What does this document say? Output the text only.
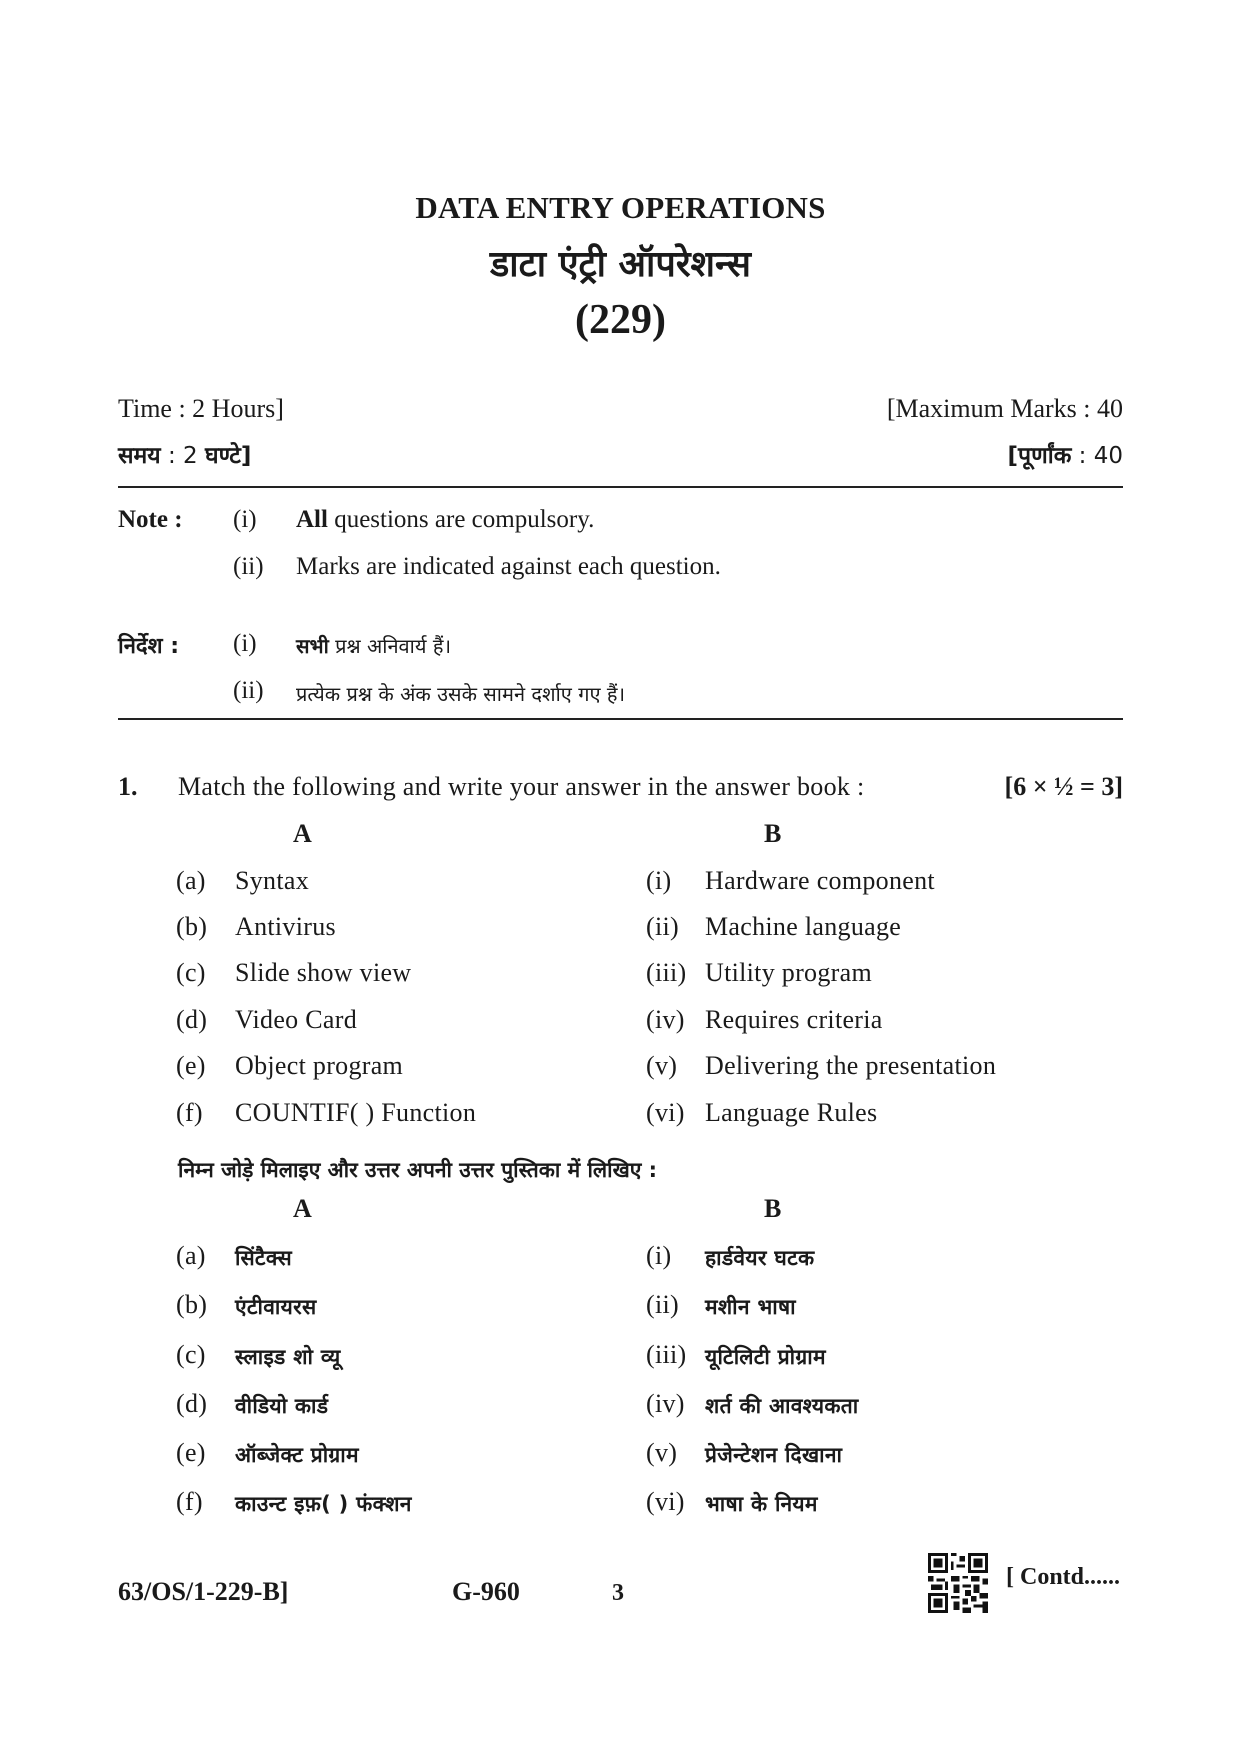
DATA ENTRY OPERATIONS
डाटा एंट्री ऑपरेशन्स
(229)
Time : 2 Hours]	[Maximum Marks : 40
समय : 2 घण्टे]	[पूर्णांक : 40
Note : (i) All questions are compulsory.
(ii) Marks are indicated against each question.
निर्देश : (i) सभी प्रश्न अनिवार्य हैं।
(ii) प्रत्येक प्रश्न के अंक उसके सामने दर्शाए गए हैं।
1. Match the following and write your answer in the answer book :	[6 × ½ = 3]
A	B
(a) Syntax	(i) Hardware component
(b) Antivirus	(ii) Machine language
(c) Slide show view	(iii) Utility program
(d) Video Card	(iv) Requires criteria
(e) Object program	(v) Delivering the presentation
(f) COUNTIF( ) Function	(vi) Language Rules
निम्न जोड़े मिलाइए और उत्तर अपनी उत्तर पुस्तिका में लिखिए :
A	B
(a) सिंटैक्स	(i) हार्डवेयर घटक
(b) एंटीवायरस	(ii) मशीन भाषा
(c) स्लाइड शो व्यू	(iii) यूटिलिटी प्रोग्राम
(d) वीडियो कार्ड	(iv) शर्त की आवश्यकता
(e) ऑब्जेक्ट प्रोग्राम	(v) प्रेजेन्टेशन दिखाना
(f) काउन्ट इफ़( ) फंक्शन	(vi) भाषा के नियम
63/OS/1-229-B]	G-960	3
[ Contd......
